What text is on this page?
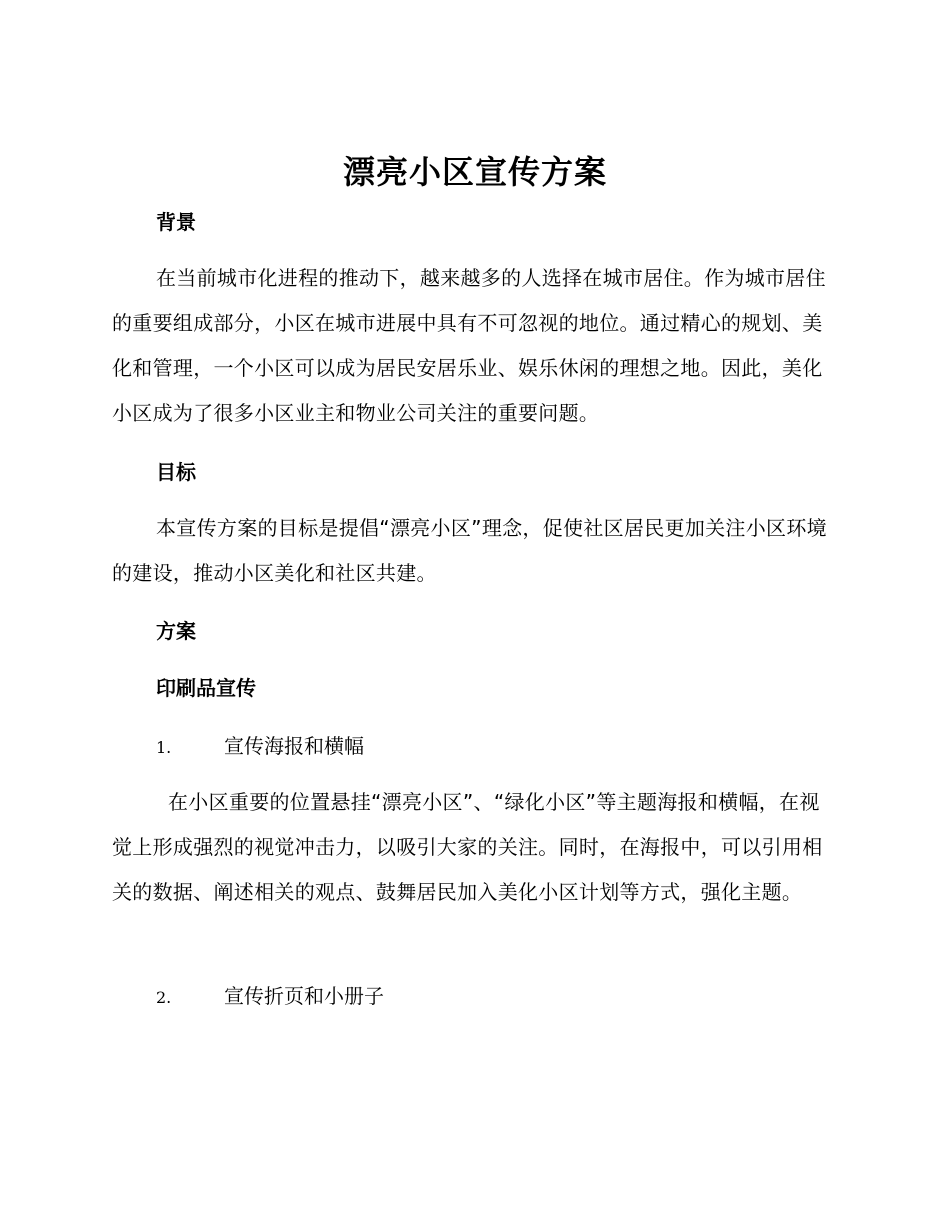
漂亮小区宣传方案
背景
在当前城市化进程的推动下，越来越多的人选择在城市居住。作为城市居住的重要组成部分，小区在城市进展中具有不可忽视的地位。通过精心的规划、美化和管理，一个小区可以成为居民安居乐业、娱乐休闲的理想之地。因此，美化小区成为了很多小区业主和物业公司关注的重要问题。
目标
本宣传方案的目标是提倡“漂亮小区”理念，促使社区居民更加关注小区环境的建设，推动小区美化和社区共建。
方案
印刷品宣传
1.	宣传海报和横幅
在小区重要的位置悬挂“漂亮小区”、“绿化小区”等主题海报和横幅，在视觉上形成强烈的视觉冲击力，以吸引大家的关注。同时，在海报中，可以引用相关的数据、阐述相关的观点、鼓舞居民加入美化小区计划等方式，强化主题。
2.	宣传折页和小册子
